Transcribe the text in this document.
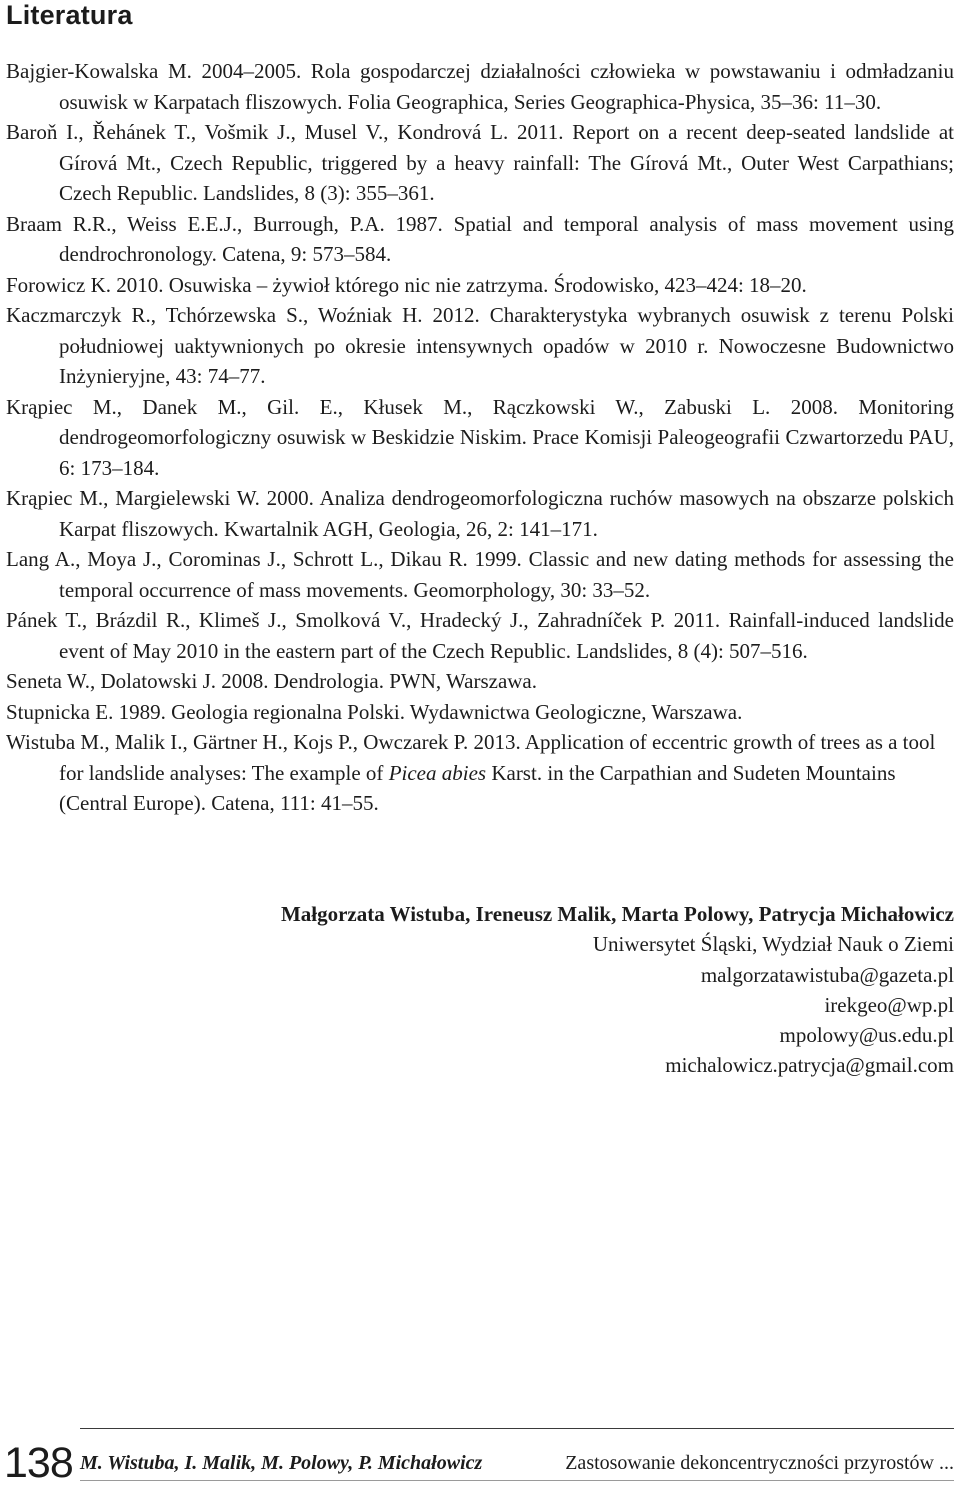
Literatura
Bajgier-Kowalska M. 2004–2005. Rola gospodarczej działalności człowieka w powstawaniu i odmładzaniu osuwisk w Karpatach fliszowych. Folia Geographica, Series Geographica-Physica, 35–36: 11–30.
Baroň I., Řehánek T., Vošmik J., Musel V., Kondrová L. 2011. Report on a recent deep-seated landslide at Gírová Mt., Czech Republic, triggered by a heavy rainfall: The Gírová Mt., Outer West Carpathians; Czech Republic. Landslides, 8 (3): 355–361.
Braam R.R., Weiss E.E.J., Burrough, P.A. 1987. Spatial and temporal analysis of mass movement using dendrochronology. Catena, 9: 573–584.
Forowicz K. 2010. Osuwiska – żywioł którego nic nie zatrzyma. Środowisko, 423–424: 18–20.
Kaczmarczyk R., Tchórzewska S., Woźniak H. 2012. Charakterystyka wybranych osuwisk z terenu Polski południowej uaktywnionych po okresie intensywnych opadów w 2010 r. Nowoczesne Budownictwo Inżynieryjne, 43: 74–77.
Krąpiec M., Danek M., Gil. E., Kłusek M., Rączkowski W., Zabuski L. 2008. Monitoring dendrogeomorfologiczny osuwisk w Beskidzie Niskim. Prace Komisji Paleogeografii Czwartorzedu PAU, 6: 173–184.
Krąpiec M., Margielewski W. 2000. Analiza dendrogeomorfologiczna ruchów masowych na obszarze polskich Karpat fliszowych. Kwartalnik AGH, Geologia, 26, 2: 141–171.
Lang A., Moya J., Corominas J., Schrott L., Dikau R. 1999. Classic and new dating methods for assessing the temporal occurrence of mass movements. Geomorphology, 30: 33–52.
Pánek T., Brázdil R., Klimeš J., Smolková V., Hradecký J., Zahradníček P. 2011. Rainfall-induced landslide event of May 2010 in the eastern part of the Czech Republic. Landslides, 8 (4): 507–516.
Seneta W., Dolatowski J. 2008. Dendrologia. PWN, Warszawa.
Stupnicka E. 1989. Geologia regionalna Polski. Wydawnictwa Geologiczne, Warszawa.
Wistuba M., Malik I., Gärtner H., Kojs P., Owczarek P. 2013. Application of eccentric growth of trees as a tool for landslide analyses: The example of Picea abies Karst. in the Carpathian and Sudeten Mountains (Central Europe). Catena, 111: 41–55.
Małgorzata Wistuba, Ireneusz Malik, Marta Polowy, Patrycja Michałowicz
Uniwersytet Śląski, Wydział Nauk o Ziemi
malgorzatawistuba@gazeta.pl
irekgeo@wp.pl
mpolowy@us.edu.pl
michalowicz.patrycja@gmail.com
138 M. Wistuba, I. Malik, M. Polowy, P. Michałowicz	Zastosowanie dekoncentryczności przyrostów ...
